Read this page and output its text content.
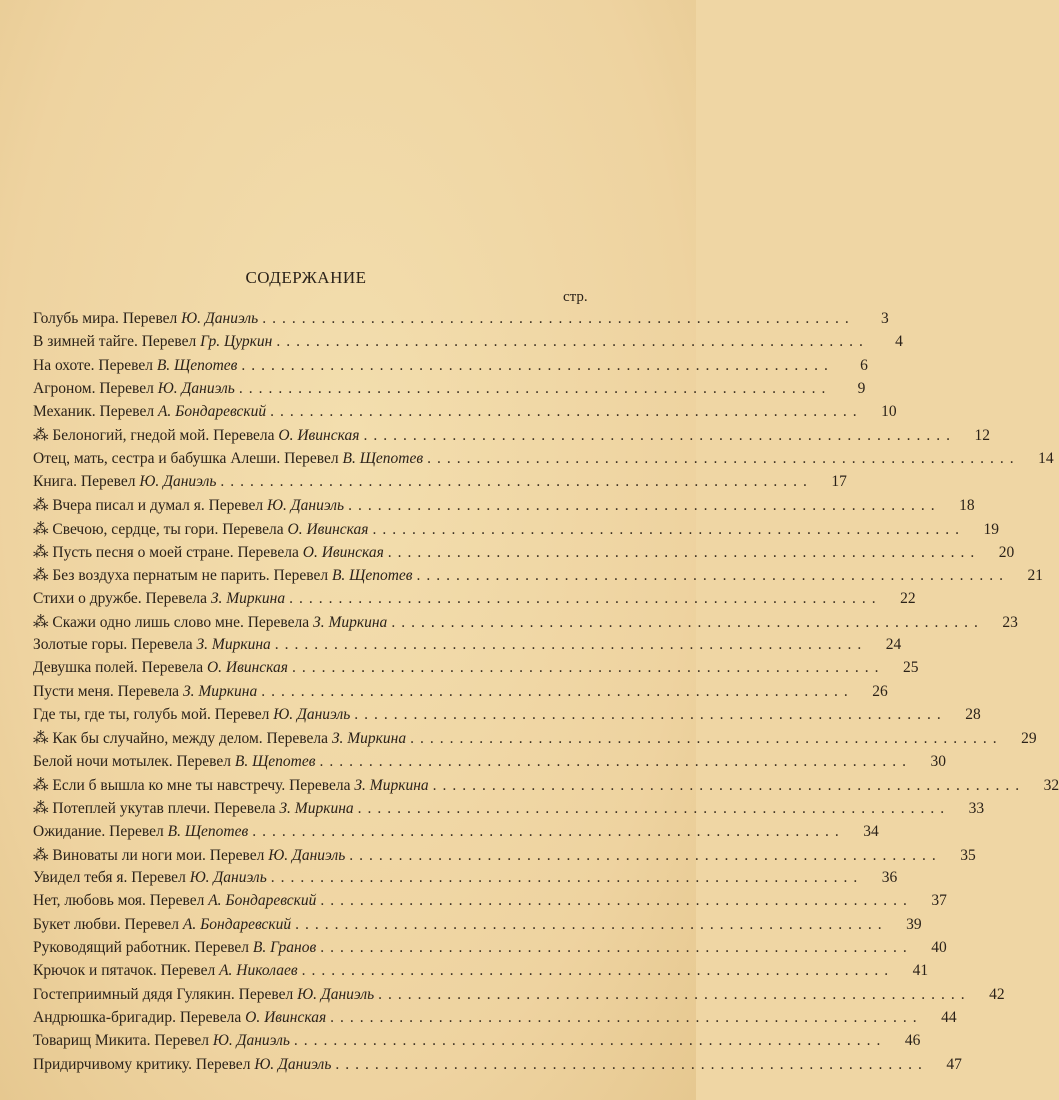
СОДЕРЖАНИЕ
стр.
Голубь мира. Перевел Ю. Даниэль ............................................................	3
В зимней тайге. Перевел Гр. Цуркин ............................................................	4
На охоте. Перевел В. Щепотев ............................................................	6
Агроном. Перевел Ю. Даниэль ............................................................	9
Механик. Перевел А. Бондаревский ............................................................	10
⁂ Белоногий, гнедой мой. Перевела О. Ивинская ............................................................	12
Отец, мать, сестра и бабушка Алеши. Перевел В. Щепотев ............................................................	14
Книга. Перевел Ю. Даниэль ............................................................	17
⁂ Вчера писал и думал я. Перевел Ю. Даниэль ............................................................	18
⁂ Свечою, сердце, ты гори. Перевела О. Ивинская ............................................................	19
⁂ Пусть песня о моей стране. Перевела О. Ивинская ............................................................	20
⁂ Без воздуха пернатым не парить. Перевел В. Щепотев ............................................................	21
Стихи о дружбе. Перевела З. Миркина ............................................................	22
⁂ Скажи одно лишь слово мне. Перевела З. Миркина ............................................................	23
Золотые горы. Перевела З. Миркина ............................................................	24
Девушка полей. Перевела О. Ивинская ............................................................	25
Пусти меня. Перевела З. Миркина ............................................................	26
Где ты, где ты, голубь мой. Перевел Ю. Даниэль ............................................................	28
⁂ Как бы случайно, между делом. Перевела З. Миркина ............................................................	29
Белой ночи мотылек. Перевел В. Щепотев ............................................................	30
⁂ Если б вышла ко мне ты навстречу. Перевела З. Миркина ............................................................	32
⁂ Потеплей укутав плечи. Перевела З. Миркина ............................................................	33
Ожидание. Перевел В. Щепотев ............................................................	34
⁂ Виноваты ли ноги мои. Перевел Ю. Даниэль ............................................................	35
Увидел тебя я. Перевел Ю. Даниэль ............................................................	36
Нет, любовь моя. Перевел А. Бондаревский ............................................................	37
Букет любви. Перевел А. Бондаревский ............................................................	39
Руководящий работник. Перевел В. Гранов ............................................................	40
Крючок и пятачок. Перевел А. Николаев ............................................................	41
Гостеприимный дядя Гулякин. Перевел Ю. Даниэль ............................................................	42
Андрюшка-бригадир. Перевела О. Ивинская ............................................................	44
Товарищ Микита. Перевел Ю. Даниэль ............................................................	46
Придирчивому критику. Перевел Ю. Даниэль ............................................................	47
